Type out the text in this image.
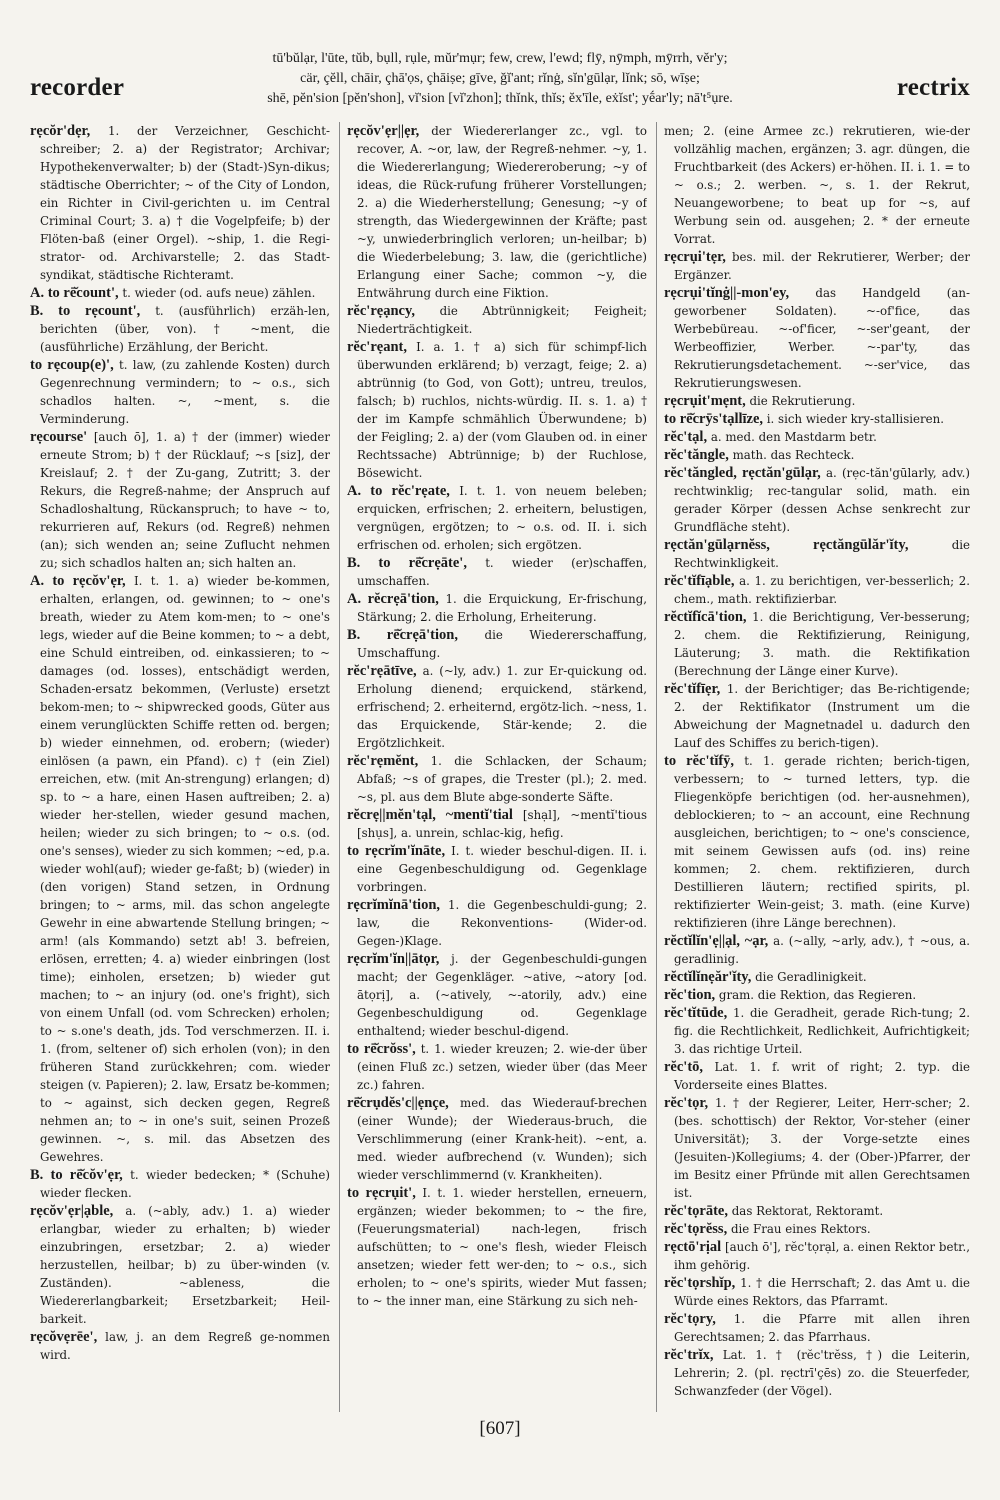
recorder
tū'bŭlạr, l'ūte, tŭb, bụll, rụle, mŭr'mụr; few, crew, l'ewd; flȳ, nȳmph, mȳrrh, vĕr'y;
cär, çĕll, chāir, çhā'ọs, çhāiṣe; gīve, ğĭ'ant; rĭnġ, sĭn'gūlạr, lĭnk; sō, wīṣe;
shē, pĕn'sion [pĕn'shon], vĭ'sion [vĭ'zhon]; thĭnk, thĭs; ĕx'īle, eẋĭst'; yḗar'ly; nā't⁵ụre.	rectrix

rẹcŏr'dẹr, 1. der Verzeichner, Geschicht-schreiber; 2. a) der Registrator; Archivar; Hypothekenverwalter; b) der (Stadt-)Syn-dikus; städtische Oberrichter; ~ of the City of London, ein Richter in Civil-gerichten u. im Central Criminal Court; 3. a) † die Vogelpfeife; b) der Flöten-baß (einer Orgel). ~ship, 1. die Regi-strator- od. Archivarstelle; 2. das Stadt-syndikat, städtische Richteramt.

A. to rē̆count', t. wieder (od. aufs neue) zählen.

B. to rẹcount', t. (ausführlich) erzäh-len, berichten (über, von). † ~ment, die (ausführliche) Erzählung, der Bericht.

to rẹcoup(e)', t. law, (zu zahlende Kosten) durch Gegenrechnung vermindern; to ~ o.s., sich schadlos halten. ~, ~ment, s. die Verminderung.

rẹcourse' [auch ō], 1. a) † der (immer) wieder erneute Strom; b) † der Rücklauf; ~s [siz], der Kreislauf; 2. † der Zu-gang, Zutritt; 3. der Rekurs, die Regreß-nahme; der Anspruch auf Schadloshaltung, Rückanspruch; to have ~ to, rekurrieren auf, Rekurs (od. Regreß) nehmen (an); sich wenden an; seine Zuflucht nehmen zu; sich schadlos halten an; sich halten an.

A. to rẹcŏv'ẹr, I. t. 1. a) wieder be-kommen, erhalten, erlangen, od. gewinnen; to ~ one's breath, wieder zu Atem kom-men; to ~ one's legs, wieder auf die Beine kommen; to ~ a debt, eine Schuld eintreiben, od. einkassieren; to ~ damages (od. losses), entschädigt werden, Schaden-ersatz bekommen, (Verluste) ersetzt bekom-men; to ~ shipwrecked goods, Güter aus einem verunglückten Schiffe retten od. bergen; b) wieder einnehmen, od. erobern; (wieder) einlösen (a pawn, ein Pfand). c) † (ein Ziel) erreichen, etw. (mit An-strengung) erlangen; d) sp. to ~ a hare, einen Hasen auftreiben; 2. a) wieder her-stellen, wieder gesund machen, heilen; wieder zu sich bringen; to ~ o.s. (od. one's senses), wieder zu sich kommen; ~ed, p.a. wieder wohl(auf); wieder ge-faßt; b) (wieder) in (den vorigen) Stand setzen, in Ordnung bringen; to ~ arms, mil. das schon angelegte Gewehr in eine abwartende Stellung bringen; ~ arm! (als Kommando) setzt ab! 3. befreien, erlösen, erretten; 4. a) wieder einbringen (lost time); einholen, ersetzen; b) wieder gut machen; to ~ an injury (od. one's fright), sich von einem Unfall (od. vom Schrecken) erholen; to ~ s.one's death, jds. Tod verschmerzen. II. i. 1. (from, seltener of) sich erholen (von); in den früheren Stand zurückkehren; com. wieder steigen (v. Papieren); 2. law, Ersatz be-kommen; to ~ against, sich decken gegen, Regreß nehmen an; to ~ in one's suit, seinen Prozeß gewinnen. ~, s. mil. das Absetzen des Gewehres.

B. to rē̆cŏv'ẹr, t. wieder bedecken; * (Schuhe) wieder flecken.

rẹcŏv'ẹr|ạble, a. (~ably, adv.) 1. a) wieder erlangbar, wieder zu erhalten; b) wieder einzubringen, ersetzbar; 2. a) wieder herzustellen, heilbar; b) zu über-winden (v. Zuständen). ~ableness, die Wiedererlangbarkeit; Ersetzbarkeit; Heil-barkeit.

rẹcŏvẹrēe', law, j. an dem Regreß ge-nommen wird.

rẹcŏv'ẹr||ẹr, der Wiedererlanger zc., vgl. to recover, A. ~or, law, der Regreß-nehmer. ~y, 1. die Wiedererlangung; Wiedereroberung; ~y of ideas, die Rück-rufung früherer Vorstellungen; 2. a) die Wiederherstellung; Genesung; ~y of strength, das Wiedergewinnen der Kräfte; past ~y, unwiederbringlich verloren; un-heilbar; b) die Wiederbelebung; 3. law, die (gerichtliche) Erlangung einer Sache; common ~y, die Entwährung durch eine Fiktion.

rĕc'rẹạncy, die Abtrünnigkeit; Feigheit; Niederträchtigkeit.

rĕc'rẹant, I. a. 1. † a) sich für schimpf-lich überwunden erklärend; b) verzagt, feige; 2. a) abtrünnig (to God, von Gott); untreu, treulos, falsch; b) ruchlos, nichts-würdig. II. s. 1. a) † der im Kampfe schmählich Überwundene; b) der Feigling; 2. a) der (vom Glauben od. in einer Rechtssache) Abtrünnige; b) der Ruchlose, Bösewicht.

A. to rĕc'rẹate, I. t. 1. von neuem beleben; erquicken, erfrischen; 2. erheitern, belustigen, vergnügen, ergötzen; to ~ o.s. od. II. i. sich erfrischen od. erholen; sich ergötzen.

B. to rē̆crẹāte', t. wieder (er)schaffen, umschaffen.

A. rĕcrẹā'tion, 1. die Erquickung, Er-frischung, Stärkung; 2. die Erholung, Erheiterung.

B. rē̆crẹā'tion, die Wiedererschaffung, Umschaffung.

rĕc'rẹātīve, a. (~ly, adv.) 1. zur Er-quickung od. Erholung dienend; erquickend, stärkend, erfrischend; 2. erheiternd, ergötz-lich. ~ness, 1. das Erquickende, Stär-kende; 2. die Ergötzlichkeit.

rĕc'rẹmĕnt, 1. die Schlacken, der Schaum; Abfaß; ~s of grapes, die Trester (pl.); 2. med. ~s, pl. aus dem Blute abge-sonderte Säfte.

rĕcrẹ||mĕn'tạl, ~mentĭ'tial [shạl], ~mentĭ'tious [shụs], a. unrein, schlac-kig, hefig.

to rẹcrĭm'ĭnāte, I. t. wieder beschul-digen. II. i. eine Gegenbeschuldigung od. Gegenklage vorbringen.

rẹcrĭmĭnā'tion, 1. die Gegenbeschuldi-gung; 2. law, die Rekonventions- (Wider-od. Gegen-)Klage.

rẹcrĭm'ĭn||ātọr, j. der Gegenbeschuldi-gungen macht; der Gegenkläger. ~ative, ~atory [od. ātọrị], a. (~atively, ~-atorily, adv.) eine Gegenbeschuldigung od. Gegenklage enthaltend; wieder beschul-digend.

to rē̆crŏss', t. 1. wieder kreuzen; 2. wie-der über (einen Fluß zc.) setzen, wieder über (das Meer zc.) fahren.

rē̆crụdĕs'c||ẹnçe, med. das Wiederauf-brechen (einer Wunde); der Wiederaus-bruch, die Verschlimmerung (einer Krank-heit). ~ent, a. med. wieder aufbrechend (v. Wunden); sich wieder verschlimmernd (v. Krankheiten).

to rẹcrụit', I. t. 1. wieder herstellen, erneuern, ergänzen; wieder bekommen; to ~ the fire, (Feuerungsmaterial) nach-legen, frisch aufschütten; to ~ one's flesh, wieder Fleisch ansetzen; wieder fett wer-den; to ~ o.s., sich erholen; to ~ one's spirits, wieder Mut fassen; to ~ the inner man, eine Stärkung zu sich neh-

men; 2. (eine Armee zc.) rekrutieren, wie-der vollzählig machen, ergänzen; 3. agr. düngen, die Fruchtbarkeit (des Ackers) er-höhen. II. i. 1. = to ~ o.s.; 2. werben. ~, s. 1. der Rekrut, Neuangeworbene; to beat up for ~s, auf Werbung sein od. ausgehen; 2. * der erneute Vorrat.

rẹcrụi'tẹr, bes. mil. der Rekrutierer, Werber; der Ergänzer.

rẹcrụi'tĭnġ||-mon'ey, das Handgeld (an-geworbener Soldaten). ~-of'fice, das Werbebüreau. ~-of'ficer, ~-ser'geant, der Werbeoffizier, Werber. ~-par'ty, das Rekrutierungsdetachement. ~-ser'vice, das Rekrutierungswesen.

rẹcrụit'mẹnt, die Rekrutierung.

to rē̆crȳs'tạllīze, i. sich wieder kry-stallisieren.

rĕc'tạl, a. med. den Mastdarm betr.

rĕc'tăngle, math. das Rechteck.

rĕc'tăngled, rẹctăn'gūlạr, a. (rẹc-tăn'gūlarly, adv.) rechtwinklig; rec-tangular solid, math. ein gerader Körper (dessen Achse senkrecht zur Grundfläche steht).

rẹctăn'gūlạrnĕss, rẹctăngūlăr'ĭty,	die Rechtwinkligkeit.

rĕc'tĭfīạble, a. 1. zu berichtigen, ver-besserlich; 2. chem., math. rektifizierbar.

rĕctĭfĭcā'tion, 1. die Berichtigung, Ver-besserung; 2. chem. die Rektifizierung, Reinigung, Läuterung; 3. math. die Rektifikation (Berechnung der Länge einer Kurve).

rĕc'tĭfīẹr, 1. der Berichtiger; das Be-richtigende; 2. der Rektifikator (Instrument um die Abweichung der Magnetnadel u. dadurch den Lauf des Schiffes zu berich-tigen).

to rĕc'tĭfȳ, t. 1. gerade richten; berich-tigen, verbessern; to ~ turned letters, typ. die Fliegenköpfe berichtigen (od. her-ausnehmen), deblockieren; to ~ an account, eine Rechnung ausgleichen, berichtigen; to ~ one's conscience, mit seinem Gewissen aufs (od. ins) reine kommen; 2. chem. rektifizieren, durch Destillieren läutern; rectified spirits, pl. rektifizierter Wein-geist; 3. math. (eine Kurve) rektifizieren (ihre Länge berechnen).

rĕctĭlĭn'ẹ||ạl, ~ạr, a. (~ally, ~arly, adv.), † ~ous, a. geradlinig.

rĕctĭlĭnẹăr'ĭty, die Geradlinigkeit.

rĕc'tion, gram. die Rektion, das Regieren.

rĕc'tĭtūde, 1. die Geradheit, gerade Rich-tung; 2. fig. die Rechtlichkeit, Redlichkeit, Aufrichtigkeit; 3. das richtige Urteil.

rĕc'tō, Lat. 1. f. writ of right; 2. typ. die Vorderseite eines Blattes.

rĕc'tọr, 1. † der Regierer, Leiter, Herr-scher; 2. (bes. schottisch) der Rektor, Vor-steher (einer Universität); 3. der Vorge-setzte eines (Jesuiten-)Kollegiums; 4. der (Ober-)Pfarrer, der im Besitz einer Pfründe mit allen Gerechtsamen ist.

rĕc'tọrāte, das Rektorat, Rektoramt.

rĕc'tọrĕss, die Frau eines Rektors.

rẹctō'rịal [auch ō'], rĕc'tọrạl, a. einen Rektor betr., ihm gehörig.

rĕc'tọrshĭp, 1. † die Herrschaft; 2. das Amt u. die Würde eines Rektors, das Pfarramt.

rĕc'tọry, 1. die Pfarre mit allen ihren Gerechtsamen; 2. das Pfarrhaus.

rĕc'trĭx, Lat. 1. † (rĕc'trĕss, †) die Leiterin, Lehrerin; 2. (pl. rẹctrī'çēs) zo. die Steuerfeder, Schwanzfeder (der Vögel).

[607]
